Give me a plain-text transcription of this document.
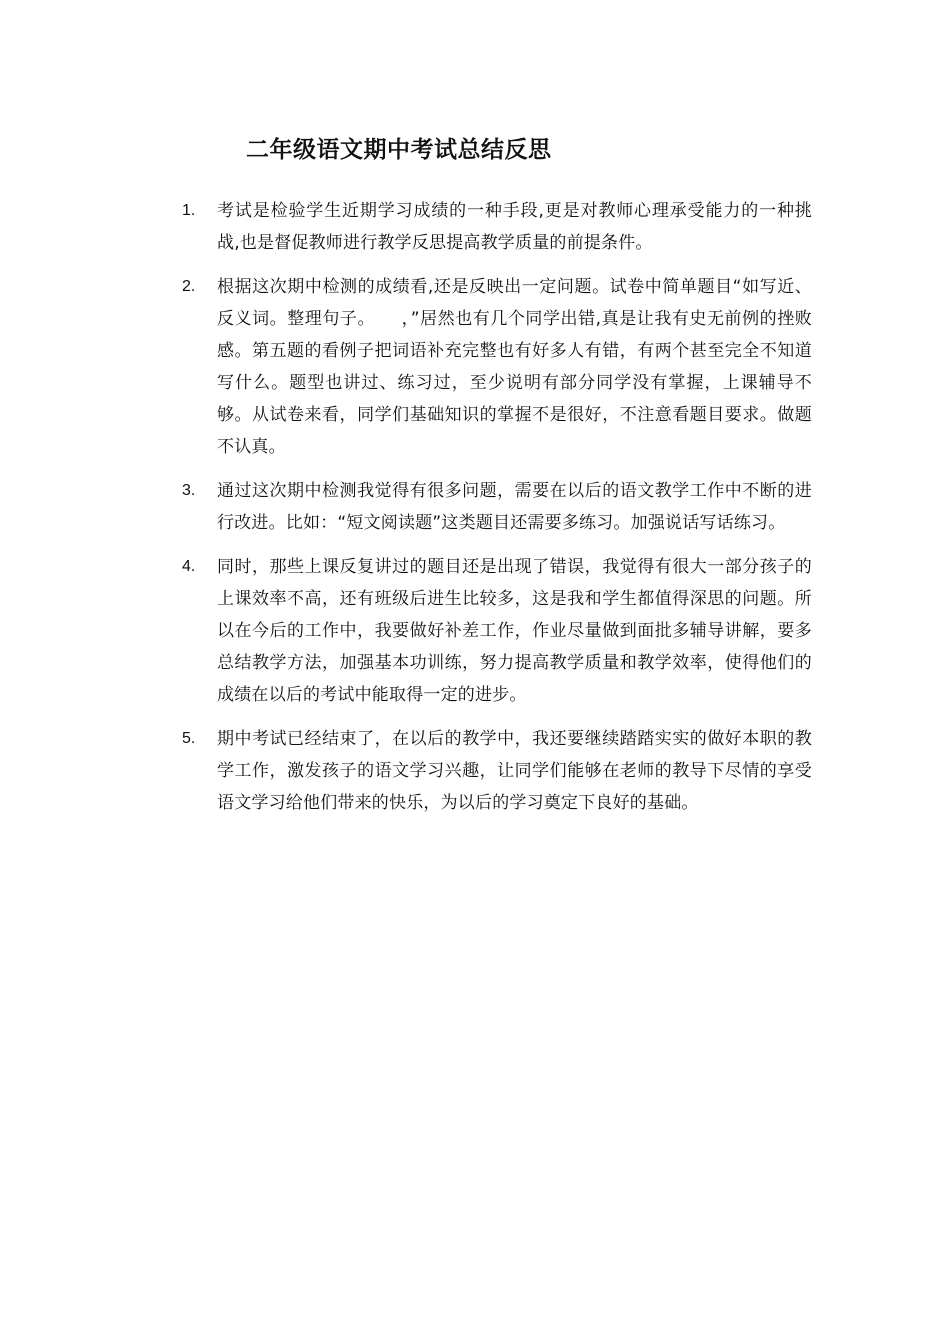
二年级语文期中考试总结反思
1. 考试是检验学生近期学习成绩的一种手段,更是对教师心理承受能力的一种挑战,也是督促教师进行教学反思提高教学质量的前提条件。
2. 根据这次期中检测的成绩看,还是反映出一定问题。试卷中简单题目“如写近、反义词。整理句子。　　，”居然也有几个同学出错,真是让我有史无前例的挫败感。第五题的看例子把词语补充完整也有好多人有错，有两个甚至完全不知道写什么。题型也讲过、练习过，至少说明有部分同学没有掌握，上课辅导不够。从试卷来看，同学们基础知识的掌握不是很好，不注意看题目要求。做题不认真。
3. 通过这次期中检测我觉得有很多问题，需要在以后的语文教学工作中不断的进行改进。比如：“短文阅读题”这类题目还需要多练习。加强说话写话练习。
4. 同时，那些上课反复讲过的题目还是出现了错误，我觉得有很大一部分孩子的上课效率不高，还有班级后进生比较多，这是我和学生都值得深思的问题。所以在今后的工作中，我要做好补差工作，作业尽量做到面批多辅导讲解，要多总结教学方法，加强基本功训练，努力提高教学质量和教学效率，使得他们的成绩在以后的考试中能取得一定的进步。
5. 期中考试已经结束了，在以后的教学中，我还要继续踏踏实实的做好本职的教学工作，激发孩子的语文学习兴趣，让同学们能够在老师的教导下尽情的享受语文学习给他们带来的快乐，为以后的学习奠定下良好的基础。
